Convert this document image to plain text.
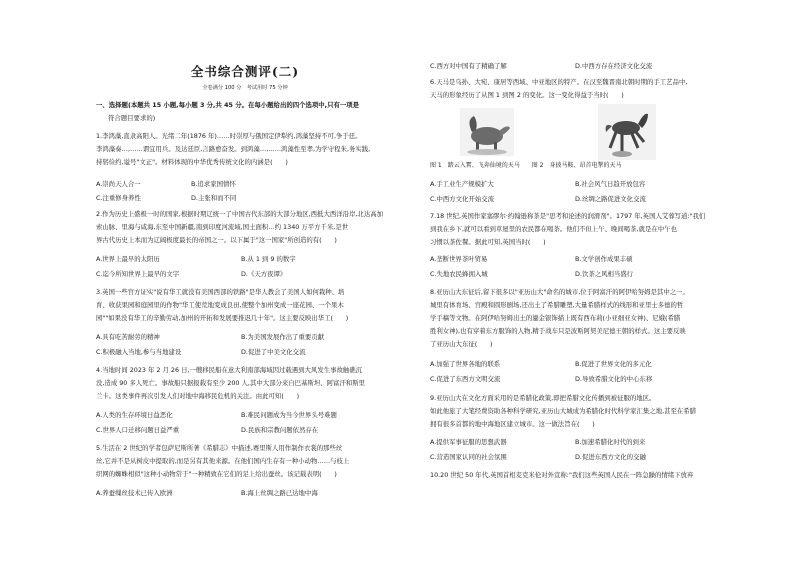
全书综合测评(二)
全卷满分 100 分　考试用时 75 分钟
一、选择题(本题共 15 小题,每小题 3 分,共 45 分。在每小题给出的四个选项中,只有一项是
符合题目要求的)
1.李鸿藻,直隶高阳人。光绪二年(1876 年)……时崇厚与俄国定伊犁约,鸿藻坚持不可,争于廷。
李鸿藻奏…,……谓宜用兵。及达廷臣,言路愈奋发。到鸿藻…,……鸿藻性至孝,为学守程朱,务实践,
持躬俭约,谥号"文正"。材料体现的中华优秀传统文化的内涵是(　　)
A.崇尚天人合一	B.追求家国情怀
C.注重修身养性	D.主张和而不同
2.作为历史上盛极一时的国家,根据时期辽统一了中国古代东部的大部分地区,西抵大西洋沿岸,北达高加
索山脉、里海与咸海,东至中国新疆,南到印度河流域,国土面积…约 1340 万平方千米,是世
界古代历史上本而为辽阔极度最长的帝国之一。以下属于"这一国家"所创造的有(　　)
A.世界上最早的太阳历	B.从 1 到 9 的数字
C.迄今所知世界上最早的文字	D.《天方夜谭》
3.英国一些官方证实"说有华工就没有美国西部的铁路"是华人教会了美国人如何栽种、培
育、收获果园和庭园里的作物"华工使荒地变成良田,使整个加州变成一座花园、一个果木
园""如果没有华工的辛勤劳动,加州的开拓和发展要推迟几十年"。这主要反映出华工(　　)
A.具有吃苦耐劳的精神	B.为美国发展作出了重要贡献
C.积极融入当地,参与当地建设	D.促进了中美文化交流
4.当地时间 2023 年 2 月 26 日,一艘移民船在意大利南部海域因过载遇到大风发生事故触礁沉
没,造成 90 多人死亡。事故船只据报载有至少 200 人,其中大部分来自巴基斯坦、阿富汗和斯里
兰卡。这类事件再次引发人们对地中海移民危机的关注。由此可知(　　)
A.人类的生存环境日益恶化	B.难民问题成为当今世界头号难题
C.世界人口迁移问题日益严重	D.民族和宗教问题依然存在
5.生活在 2 世纪的学者包萨尼斯所著《希腊志》中描述,赛里斯人用作制作衣裳的那些丝
丝,它并不是从树皮中提取的,而是另有其他来源。在他们国内生存有一种小动物……与枝上
织网的蜘蛛相似"这种小动物常于"一种精致在它们的足上给出蚕丝。该记载表明(　　)
A.养蚕缫丝技术已传入欧洲	B.海上丝绸之路已达地中海
C.西方对中国有了精确了解	D.中西方存在经济文化交流
6.天马是乌孙、大宛、康居等西域、中亚地区的特产。在汉至魏晋南北朝时期的手工艺品中,
天马的形象经历了从图 1 到图 2 的变化。这一变化得益于当时(　　)
图 1　踏云入霄、飞奔仙境的天马　　图 2　身披马鞍、昂首电掣的天马
A.手工业生产规模扩大	B.社会风气日趋开放包容
C.中西方文化开始交流	D.丝绸之路促进文化交流
7.18 世纪,英国作家塞缪尔·约翰逊称茶是"思考和论述的润滑剂"。1797 年,英国人艾蓉写道:"我们
到我在乡下,就可以看到草屋里的农民都在喝茶。他们不但上午、晚间喝茶,就是在中午也
习惯以茶佐餐。据此可知,英国当时(　　)
A.垄断世界茶叶贸易	B.文学创作成果丰硕
C.失地农民蜂拥入城	D.饮茶之风相当盛行
8.亚历山大东征后,留下很多以"亚历山大"命名的城市,位于阿富汗的阿伊哈努姆是其中之一。
城里有体育场、宫殿和圆形剧场,还出土了希腊雕塑,大量希腊样式的线形和亚里士多德的哲
学手稿等文物。在阿伊哈努姆出土的鎏金银饰描上既有西布莉(小亚细亚女神)、尼娥(希腊
胜利女神),也有穿着东方服饰的人物,精于战车只是波斯阿契美尼德王朝的样式。这主要反映
了亚历山大东征(　　)
A.加强了世界各地的联系	B.促进了世界文化的多元化
C.促进了东西方文明交流	D.导致希腊文化的中心东移
9.亚历山大在文化方面采用的是希腊化政策,即把希腊文化传播到被征服的地区。
如此他旅了大笔经费资助各种科学研究,亚历山大城成为希腊化时代科学家汇集之地,甚至在希腊
拥有很多首都的地中海地区建立城市。这一做法旨在(　　)
A.提供军事征服的思想武器	B.加速希腊化时代的到来
C.营造国家认同的社会氛围	D.促进东西方文化的交融
10.20 世纪 50 年代,英国首相麦克米伦对外宣称:"我们这些英国人民在一阵急躁的情绪下放弃
